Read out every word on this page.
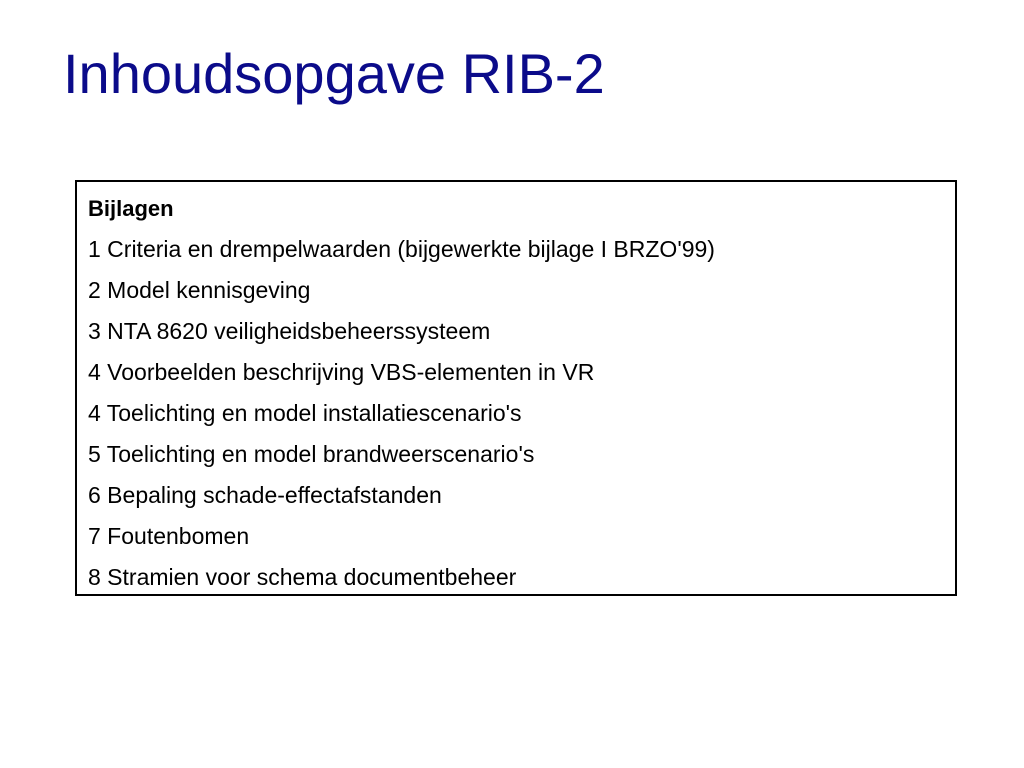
Inhoudsopgave RIB-2
Bijlagen
1 Criteria en drempelwaarden (bijgewerkte bijlage I BRZO'99)
2 Model kennisgeving
3 NTA 8620 veiligheidsbeheerssysteem
4 Voorbeelden beschrijving VBS-elementen in VR
4 Toelichting en model installatiescenario's
5 Toelichting en model brandweerscenario's
6 Bepaling schade-effectafstanden
7 Foutenbomen
8 Stramien voor schema documentbeheer
